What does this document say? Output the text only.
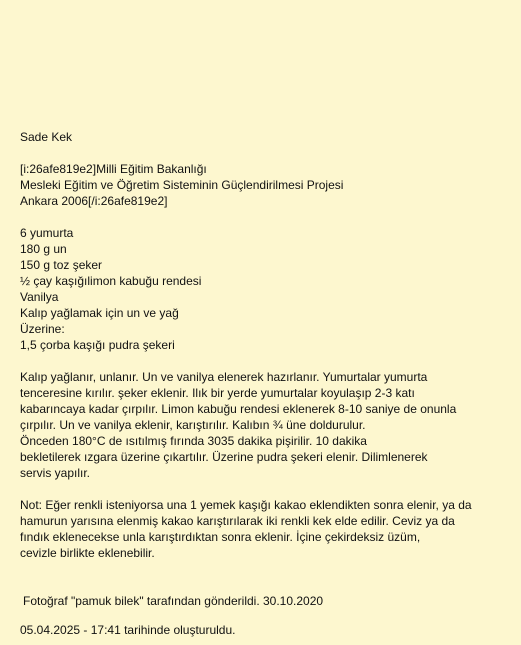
Sade Kek
[i:26afe819e2]Milli Eğitim Bakanlığı
Mesleki Eğitim ve Öğretim Sisteminin Güçlendirilmesi Projesi
Ankara 2006[/i:26afe819e2]
6 yumurta
180 g un
150 g toz şeker
½ çay kaşığılimon kabuğu rendesi
Vanilya
Kalıp yağlamak için un ve yağ
Üzerine:
1,5 çorba kaşığı pudra şekeri
Kalıp yağlanır, unlanır. Un ve vanilya elenerek hazırlanır. Yumurtalar yumurta
tenceresine kırılır. şeker eklenir. Ilık bir yerde yumurtalar koyulaşıp 2-3 katı
kabarıncaya kadar çırpılır. Limon kabuğu rendesi eklenerek 8-10 saniye de onunla
çırpılır. Un ve vanilya eklenir, karıştırılır. Kalıbın ¾ ünе doldurulur.
Önceden 180°C de ısıtılmış fırında 3035 dakika pişirilir. 10 dakika
bekletilerek ızgara üzerine çıkartılır. Üzerine pudra şekeri elenir. Dilimlenerek
servis yapılır.
Not: Eğer renkli isteniyorsa una 1 yemek kaşığı kakao eklendikten sonra elenir, ya da
hamurun yarısına elenmiş kakao karıştırılarak iki renkli kek elde edilir. Ceviz ya da
fındık eklenecekse unla karıştırdıktan sonra eklenir. İçine çekirdeksiz üzüm,
cevizle birlikte eklenebilir.
Fotoğraf "pamuk bilek" tarafından gönderildi. 30.10.2020
05.04.2025 - 17:41 tarihinde oluşturuldu.
